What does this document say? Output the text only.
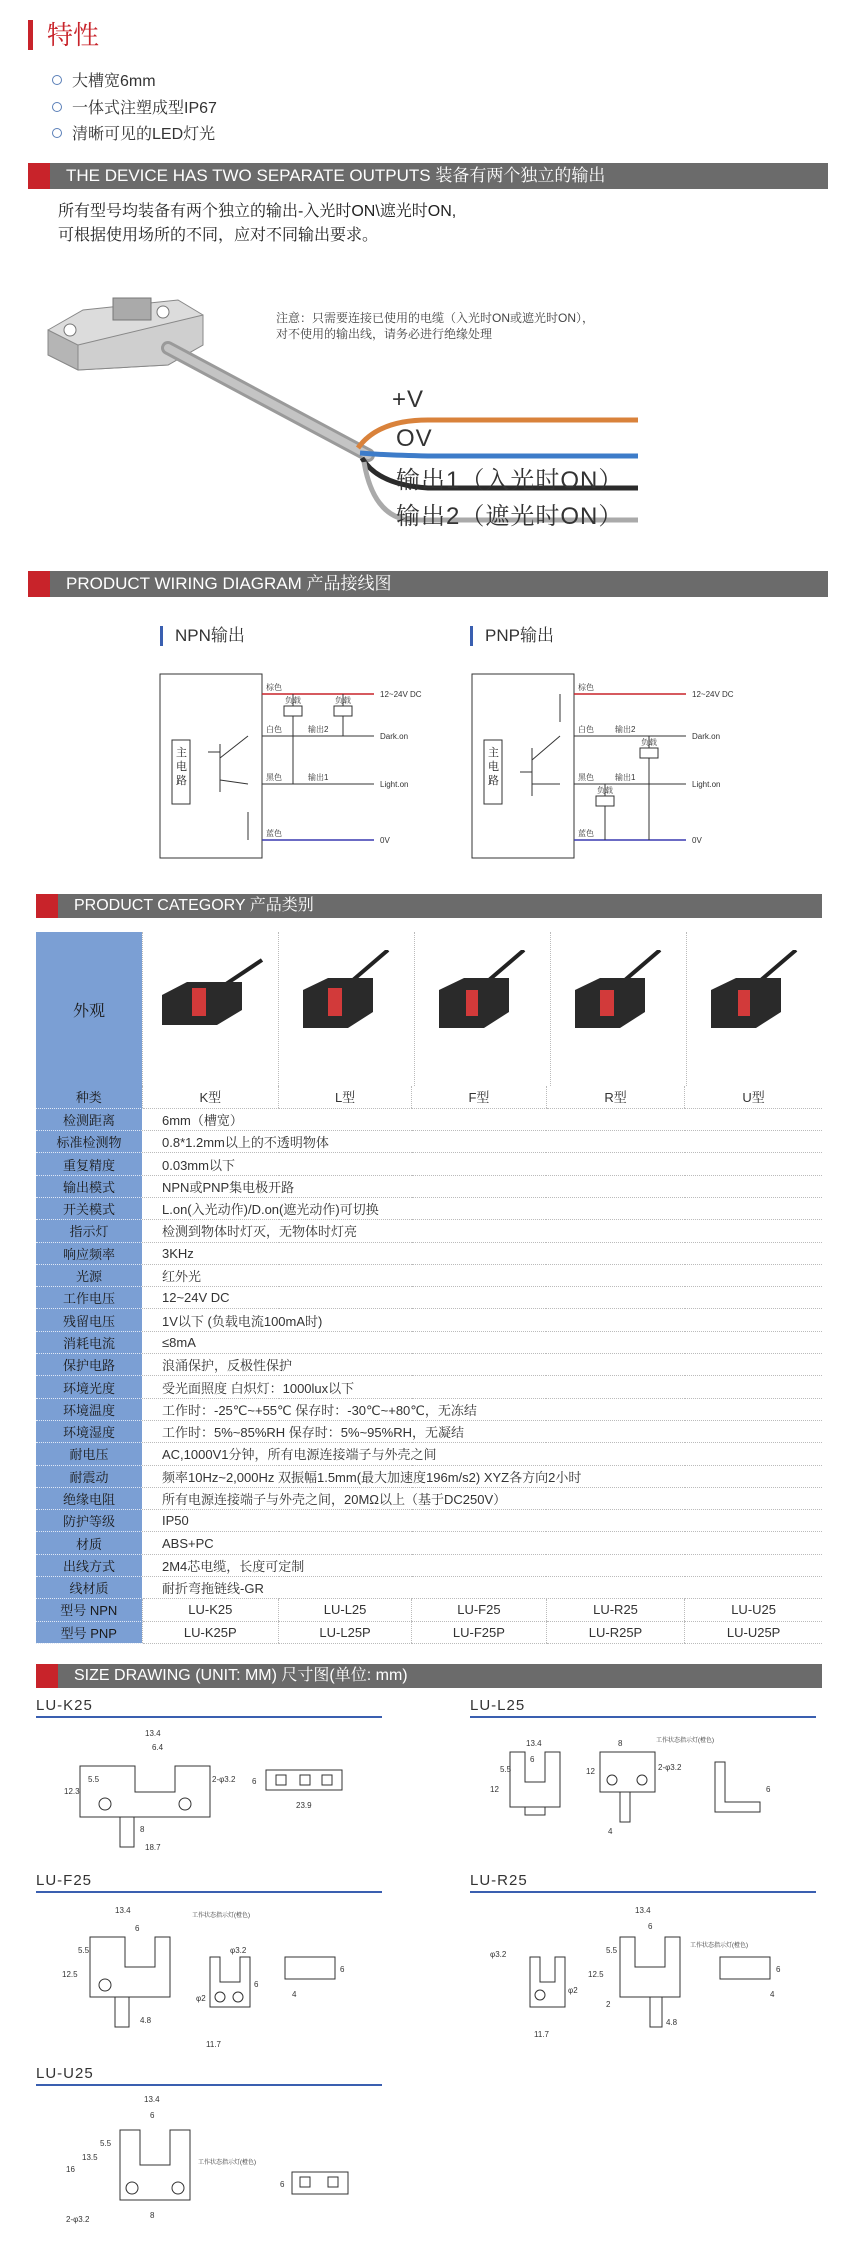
特性
大槽宽6mm
一体式注塑成型IP67
清晰可见的LED灯光
THE DEVICE HAS TWO SEPARATE OUTPUTS 装备有两个独立的输出
所有型号均装备有两个独立的输出-入光时ON\遮光时ON,
可根据使用场所的不同，应对不同输出要求。
注意：只需要连接已使用的电缆（入光时ON或遮光时ON），
对不使用的输出线，请务必进行绝缘处理
+V
OV
输出1（入光时ON）
输出2（遮光时ON）
PRODUCT WIRING DIAGRAM 产品接线图
NPN输出	PNP输出
棕色
白色
黑色
蓝色
负载	负载
输出2
输出1
12~24V DC
Dark.on
Light.on
0V
主电路
棕色
白色
黑色
蓝色
负载
负载
输出2
输出1
12~24V DC
Dark.on
Light.on
0V
主电路
PRODUCT CATEGORY 产品类别
外观
种类	K型	L型	F型	R型	U型
检测距离	6mm（槽宽）				
标准检测物	0.8*1.2mm以上的不透明物体				
重复精度	0.03mm以下				
输出模式	NPN或PNP集电极开路				
开关模式	L.on(入光动作)/D.on(遮光动作)可切换				
指示灯	检测到物体时灯灭，无物体时灯亮				
响应频率	3KHz				
光源	红外光				
工作电压	12~24V DC				
残留电压	1V以下 (负载电流100mA时)				
消耗电流	≤8mA				
保护电路	浪涌保护，反极性保护				
环境光度	受光面照度 白炽灯：1000lux以下				
环境温度	工作时：-25℃~+55℃ 保存时：-30℃~+80℃，无冻结				
环境湿度	工作时：5%~85%RH 保存时：5%~95%RH，无凝结				
耐电压	AC,1000V1分钟，所有电源连接端子与外壳之间				
耐震动	频率10Hz~2,000Hz 双振幅1.5mm(最大加速度196m/s2) XYZ各方向2小时				
绝缘电阻	所有电源连接端子与外壳之间，20MΩ以上（基于DC250V）				
防护等级	IP50				
材质	ABS+PC				
出线方式	2M4芯电缆，长度可定制				
线材质	耐折弯拖链线-GR				
型号 NPN	LU-K25	LU-L25	LU-F25	LU-R25	LU-U25
型号 PNP	LU-K25P	LU-L25P	LU-F25P	LU-R25P	LU-U25P
SIZE DRAWING (UNIT: MM) 尺寸图(单位: mm)
LU-K25	LU-L25
LU-F25	LU-R25
LU-U25
13.4
6.4
12.3
5.5	2-φ3.2
8
18.7
6
23.9
13.4
6
12
5.5	12	2-φ3.2
8
4
6
工作状态指示灯(橙色)
13.4
6
12.5
5.5	φ3.2
φ2
6
4.8
11.7
6
4
工作状态指示灯(橙色)
13.4
6
φ3.2
12.5
5.5
φ2
2
4.8
11.7
6
4
工作状态指示灯(橙色)
13.4
6
16
13.5
5.5
2-φ3.2	8
6
工作状态指示灯(橙色)
